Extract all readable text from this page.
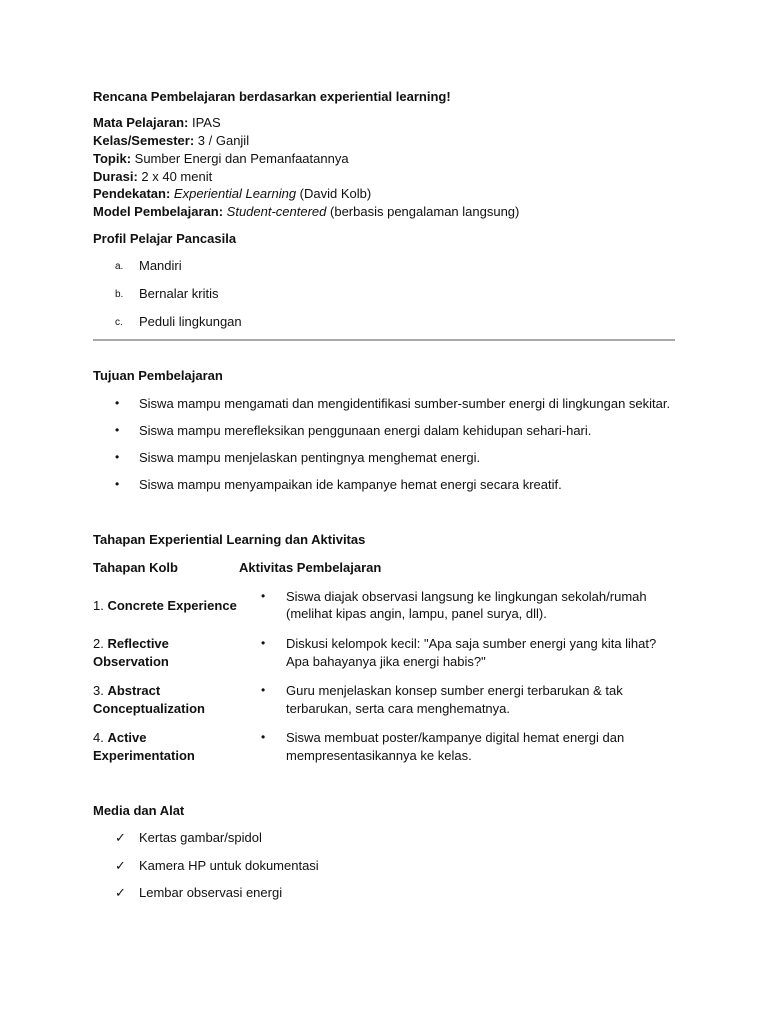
Rencana Pembelajaran berdasarkan experiential learning!
Mata Pelajaran: IPAS
Kelas/Semester: 3 / Ganjil
Topik: Sumber Energi dan Pemanfaatannya
Durasi: 2 x 40 menit
Pendekatan: Experiential Learning (David Kolb)
Model Pembelajaran: Student-centered (berbasis pengalaman langsung)
Profil Pelajar Pancasila
a. Mandiri
b. Bernalar kritis
c. Peduli lingkungan
Tujuan Pembelajaran
• Siswa mampu mengamati dan mengidentifikasi sumber-sumber energi di lingkungan sekitar.
• Siswa mampu merefleksikan penggunaan energi dalam kehidupan sehari-hari.
• Siswa mampu menjelaskan pentingnya menghemat energi.
• Siswa mampu menyampaikan ide kampanye hemat energi secara kreatif.
Tahapan Experiential Learning dan Aktivitas
Tahapan Kolb	Aktivitas Pembelajaran
1. Concrete Experience
• Siswa diajak observasi langsung ke lingkungan sekolah/rumah
(melihat kipas angin, lampu, panel surya, dll).
2. Reflective
Observation
• Diskusi kelompok kecil: "Apa saja sumber energi yang kita lihat?
Apa bahayanya jika energi habis?"
3. Abstract
Conceptualization
• Guru menjelaskan konsep sumber energi terbarukan & tak
terbarukan, serta cara menghematnya.
4. Active
Experimentation
• Siswa membuat poster/kampanye digital hemat energi dan
mempresentasikannya ke kelas.
Media dan Alat
✓ Kertas gambar/spidol
✓ Kamera HP untuk dokumentasi
✓ Lembar observasi energi
